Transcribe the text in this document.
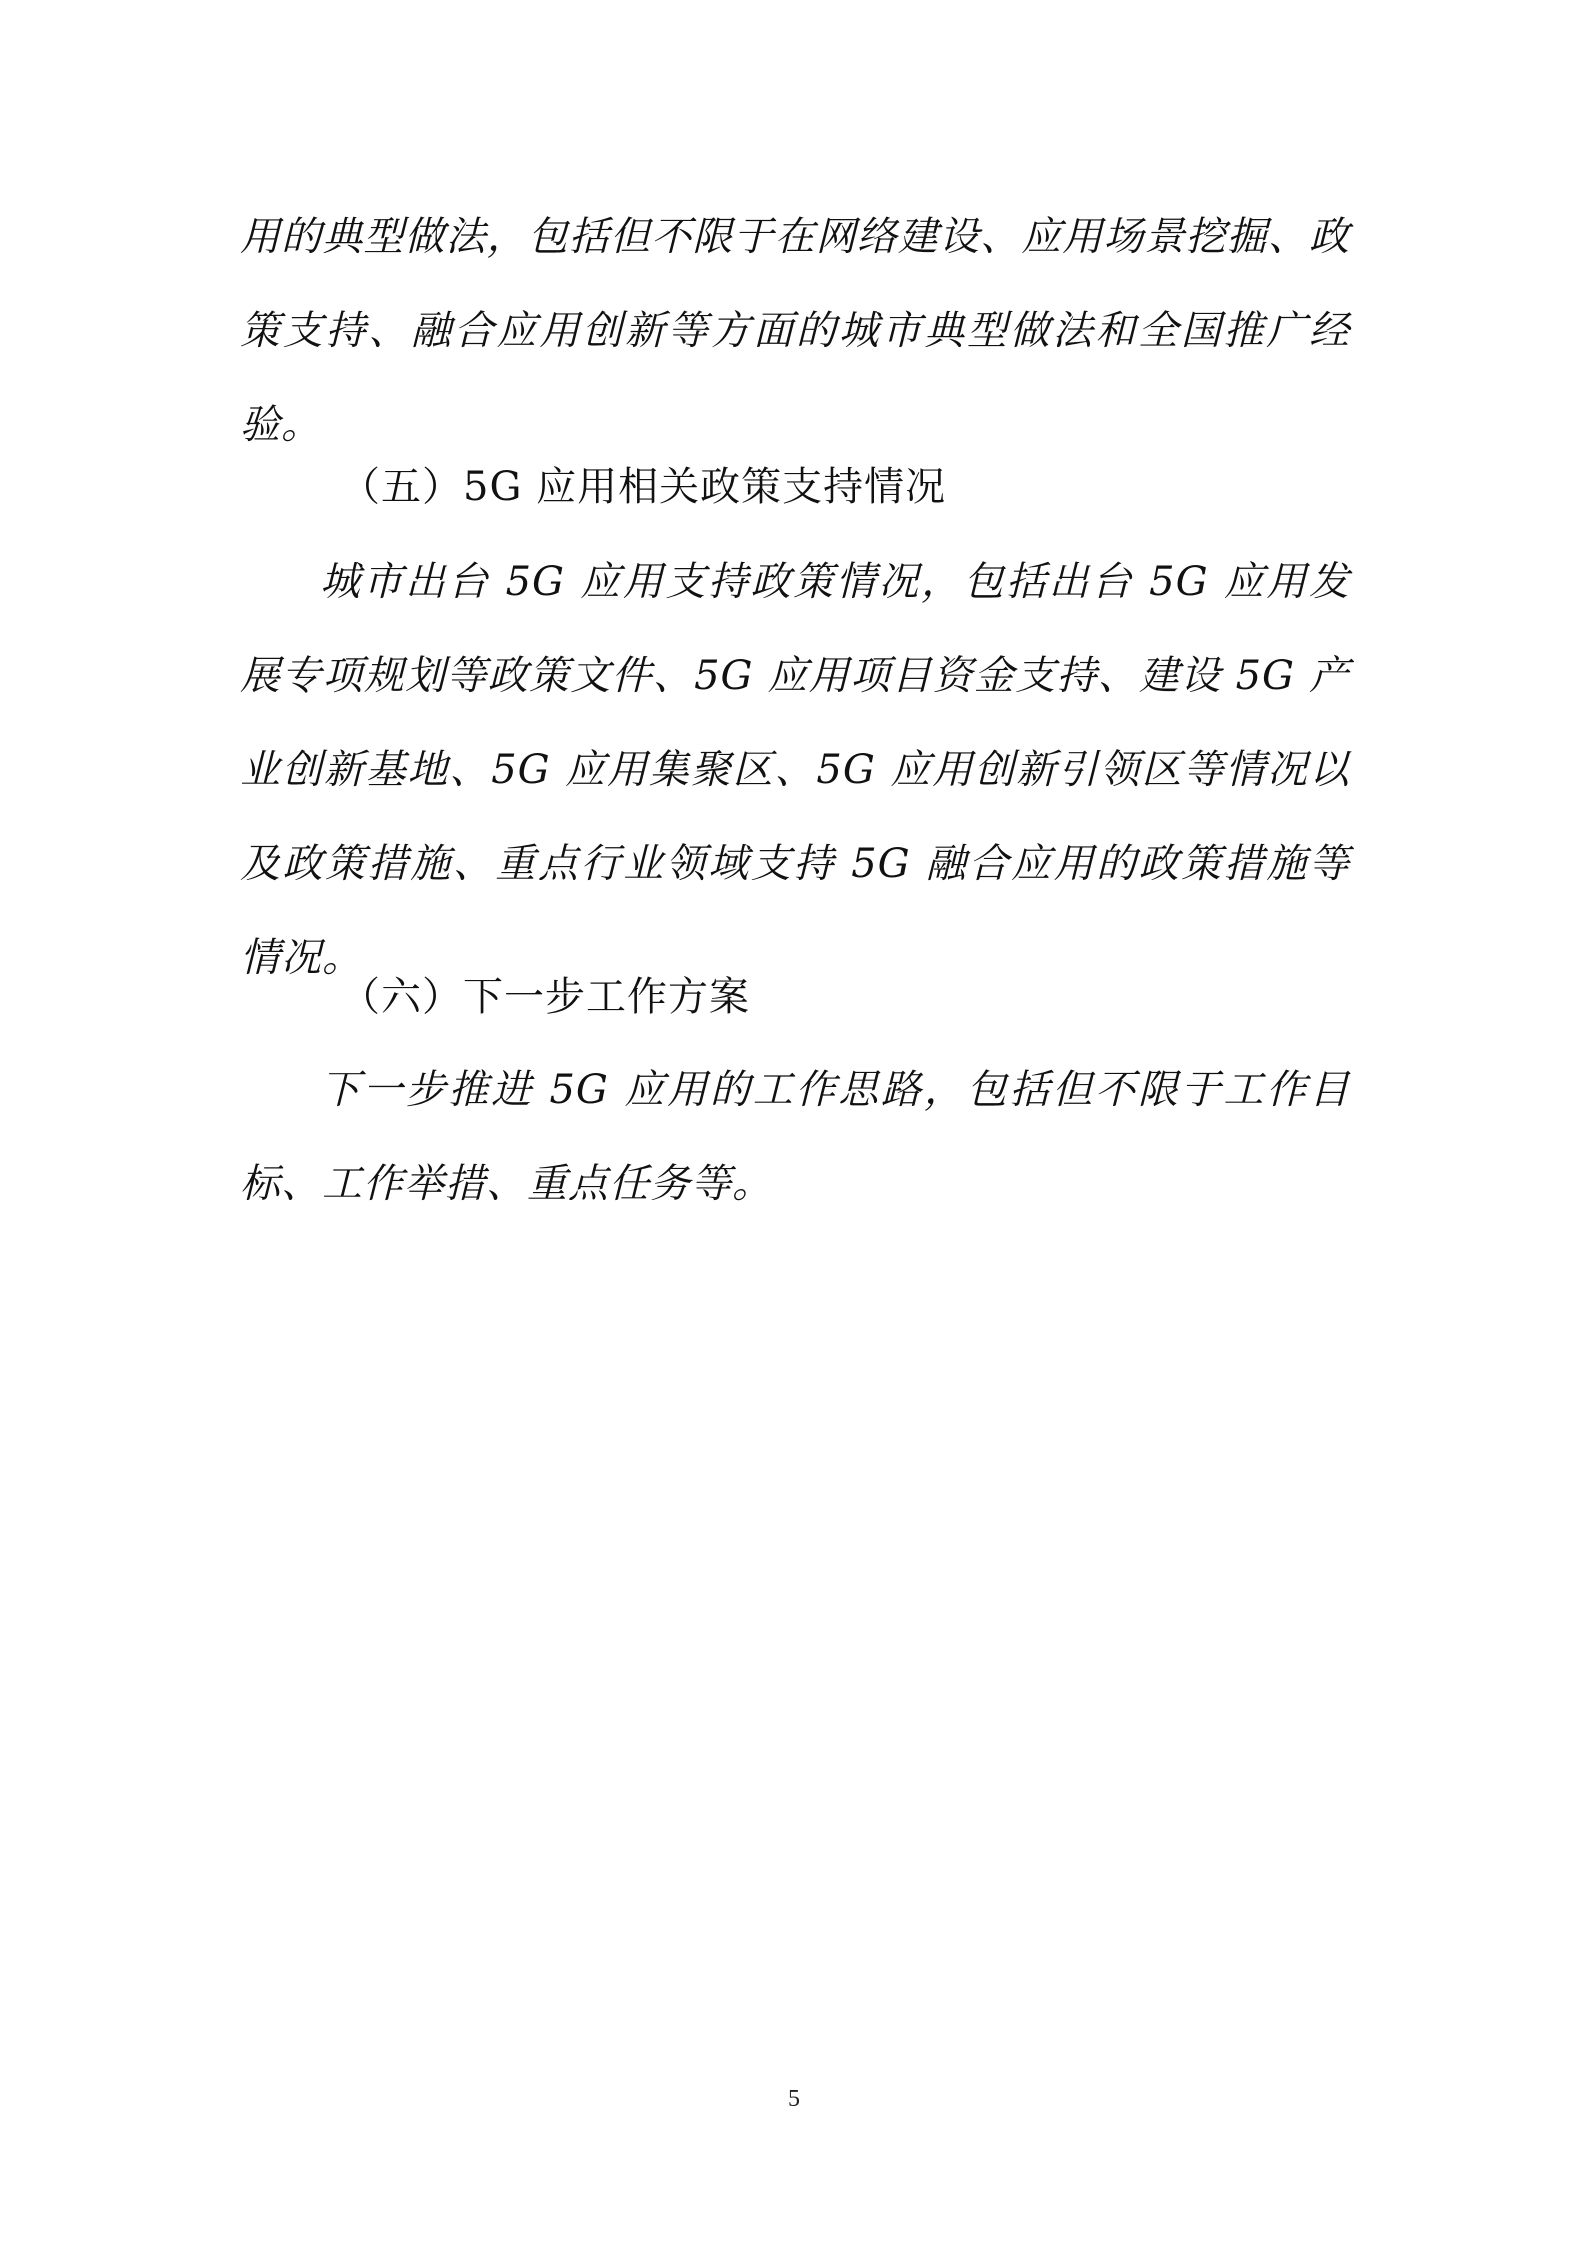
用的典型做法，包括但不限于在网络建设、应用场景挖掘、政策支持、融合应用创新等方面的城市典型做法和全国推广经验。
（五）5G 应用相关政策支持情况
城市出台 5G 应用支持政策情况，包括出台 5G 应用发展专项规划等政策文件、5G 应用项目资金支持、建设 5G 产业创新基地、5G 应用集聚区、5G 应用创新引领区等情况以及政策措施、重点行业领域支持 5G 融合应用的政策措施等情况。
（六）下一步工作方案
下一步推进 5G 应用的工作思路，包括但不限于工作目标、工作举措、重点任务等。
5
